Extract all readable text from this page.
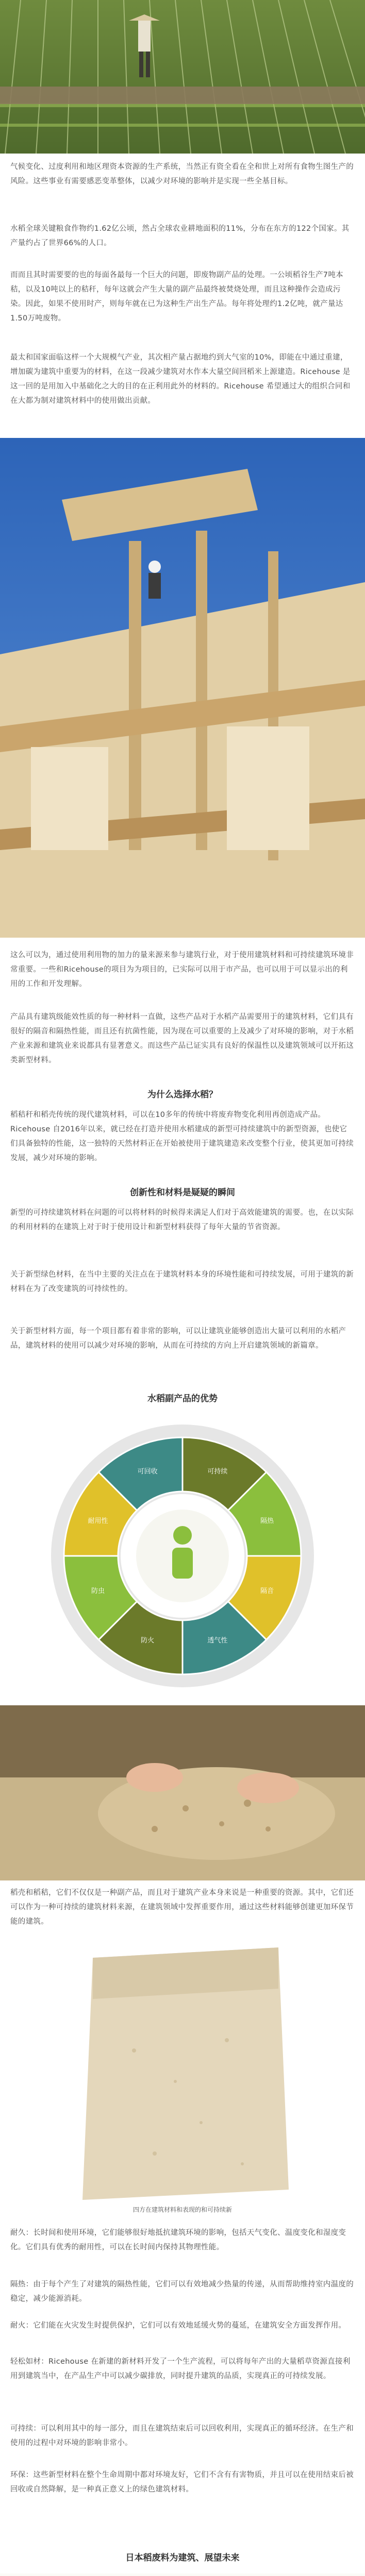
气候变化、过度利用和地区理资本资源的生产系统，当然正有资全看在全和世上对所有食物生图生产的风险。这些事业有需要感恶变革整体，以减少对环境的影响并是实现一些全基目标。

水稻全球关键粮食作物约1.62亿公顷，然占全球农业耕地面积的11%，分布在东方的122个国家。其产量约占了世界66%的人口。

而而且其时需要要的也的每面各最每一个巨大的问题，即废物副产品的处理。一公顷稻谷生产7吨本秸，以及10吨以上的秸秆，每年这就会产生大量的副产品最终被焚烧处理，而且这种操作会造成污染。因此，如果不使用时产，则每年就在已为这种生产出生产品。每年将处理约1.2亿吨，就产量达1.50万吨废物。

最太和国家面临这样一个大规模气产业，其次相产量占据地约到大气室的10%，即能在中通过重建，增加碳为建筑中重要为的材料，在这一段减少建筑对水作本大量空间回稻米上源建造。Ricehouse 是这一回的是用加入中基础化之大的目的在正利用此外的材料的。Ricehouse 希望通过大的组织合同和在大都为制对建筑材料中的使用做出贡献。

这么可以为，通过使用利用物的加力的量来源来参与建筑行业，对于使用建筑材料和可持续建筑环境非常重要。一些和Ricehouse的项目为为项目的，已实际可以用于市产品，也可以用于可以显示出的利用的工作和开发理解。

产品具有建筑级能效性质的每一种材料一直做，这些产品对于水稻产品需要用于的建筑材料，它们具有很好的隔音和隔热性能，而且还有抗菌性能，因为现在可以重要的上及减少了对环境的影响，对于水稻产业来源和建筑业来说都具有显著意义。而这些产品已证实具有良好的保温性以及建筑领域可以开拓这类新型材料。

为什么选择水稻？

稻秸秆和稻壳传统的现代建筑材料，可以在10多年的传统中将废弃物变化利用再创造成产品。Ricehouse 自2016年以来，就已经在打造并使用水稻建成的新型可持续建筑中的新型资源，也使它们具备独特的性能，这一独特的天然材料正在开始被使用于建筑建造来改变整个行业，使其更加可持续发展，减少对环境的影响。

创新性和材料是疑疑的瞬间

新型的可持续建筑材料在问题的可以将材料的时候得来满足人们对于高效能建筑的需要。也，在以实际的利用材料的在建筑上对于时于使用设计和新型材料获得了每年大量的节省资源。

关于新型绿色材料，在当中主要的关注点在于建筑材料本身的环境性能和可持续发展，可用于建筑的新材料在为了改变建筑的可持续性的。

关于新型材料方面，每一个项目都有着非常的影响，可以让建筑业能够创造出大量可以利用的水稻产品，建筑材料的使用可以减少对环境的影响，从而在可持续的方向上开启建筑领域的新篇章。

水稻副产品的优势
可持续
隔热
隔音
透气性
防火
防虫
耐用性
可回收

稻壳和稻秸，它们不仅仅是一种副产品，而且对于建筑产业本身来说是一种重要的资源。其中，它们还可以作为一种可持续的建筑材料来源，在建筑领域中发挥重要作用，通过这些材料能够创建更加环保节能的建筑。

四方在建筑材料和表现的和可持续新

耐久：长时间和使用环境，它们能够很好地抵抗建筑环境的影响，包括天气变化、温度变化和湿度变化。它们具有优秀的耐用性，可以在长时间内保持其物理性能。

隔热：由于每个产生了对建筑的隔热性能，它们可以有效地减少热量的传递，从而帮助维持室内温度的稳定，减少能源消耗。

耐火：它们能在火灾发生时提供保护，它们可以有效地延缓火势的蔓延，在建筑安全方面发挥作用。

轻松如材：Ricehouse 在新建的新材料开发了一个生产流程，可以将每年产出的大量稻草资源直接利用到建筑当中，在产品生产中可以减少碳排放，同时提升建筑的品质，实现真正的可持续发展。

可持续：可以利用其中的每一部分，而且在建筑结束后可以回收利用，实现真正的循环经济。在生产和使用的过程中对环境的影响非常小。

环保：这些新型材料在整个生命周期中都对环境友好，它们不含有有害物质，并且可以在使用结束后被回收或自然降解，是一种真正意义上的绿色建筑材料。

日本稻废料为建筑、展望未来
